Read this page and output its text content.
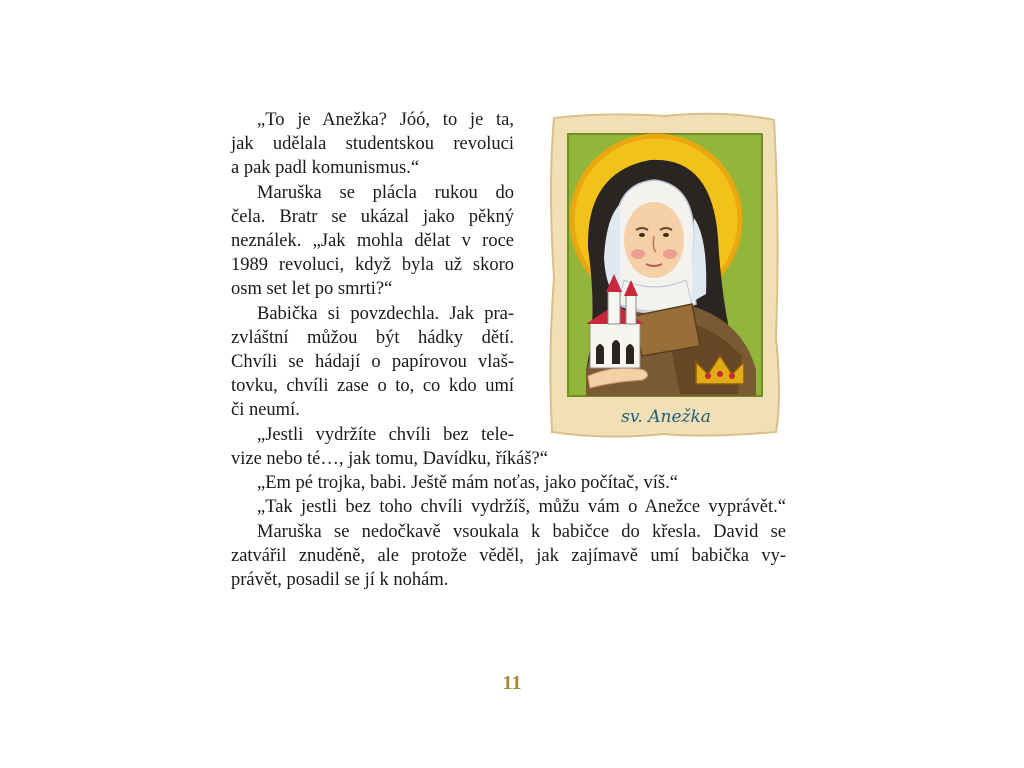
„To je Anežka? Jóó, to je ta,
jak udělala studentskou revoluci
a pak padl komunismus.“
Maruška se plácla rukou do
čela. Bratr se ukázal jako pěkný
neználek. „Jak mohla dělat v roce
1989 revoluci, když byla už skoro
osm set let po smrti?“
Babička si povzdechla. Jak pra-
zvláštní můžou být hádky dětí.
Chvíli se hádají o papírovou vlaš-
tovku, chvíli zase o to, co kdo umí
či neumí.
„Jestli vydržíte chvíli bez tele-
vize nebo té…, jak tomu, Davídku, říkáš?“
„Em pé trojka, babi. Ještě mám noťas, jako počítač, víš.“
„Tak jestli bez toho chvíli vydržíš, můžu vám o Anežce vyprávět.“
Maruška se nedočkavě vsoukala k babičce do křesla. David se
zatvářil znuděně, ale protože věděl, jak zajímavě umí babička vy-
právět, posadil se jí k nohám.
sv. Anežka
11
